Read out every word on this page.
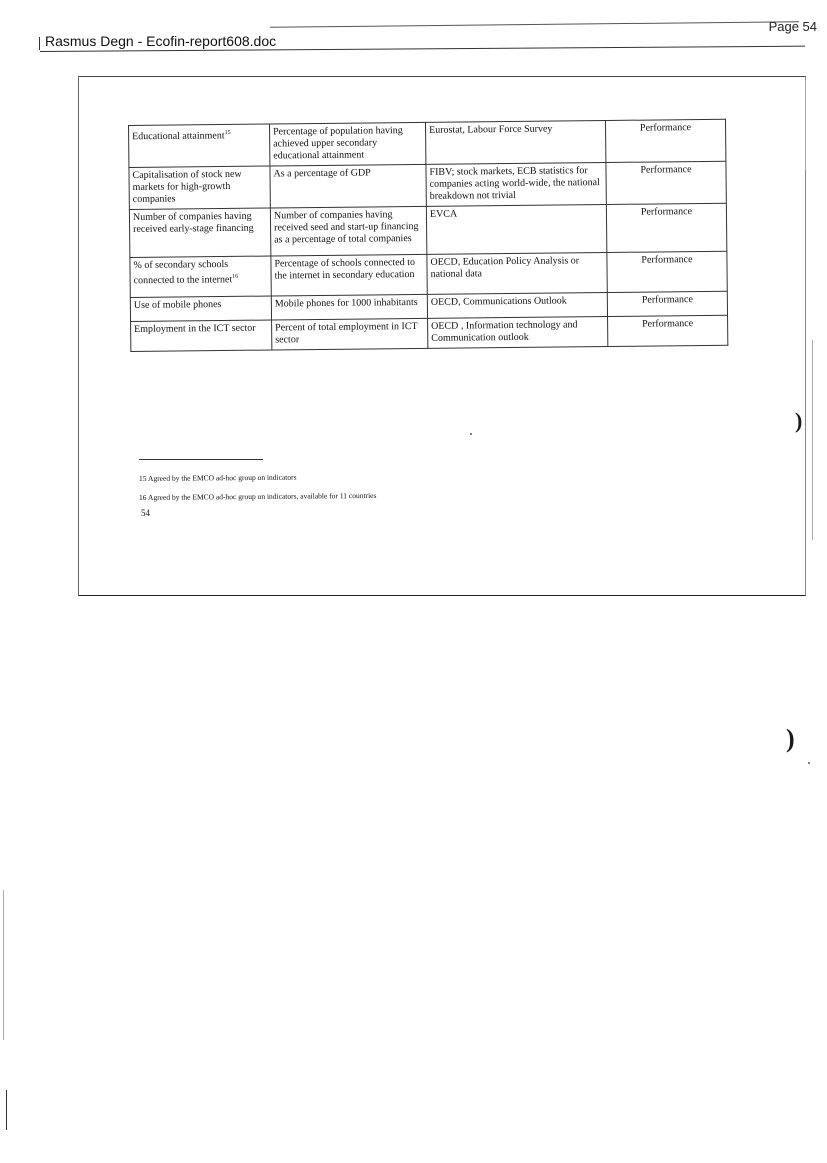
Page 54
Rasmus Degn - Ecofin-report608.doc
Educational attainment$^{15}$	Percentage of population having achieved upper secondary educational attainment	Eurostat, Labour Force Survey	Performance
Capitalisation of stock new markets for high-growth companies	As a percentage of GDP	FIBV; stock markets, ECB statistics for companies acting world-wide, the national breakdown not trivial	Performance
Number of companies having received early-stage financing	Number of companies having received seed and start-up financing as a percentage of total companies	EVCA	Performance
% of secondary schools connected to the internet$^{16}$	Percentage of schools connected to the internet in secondary education	OECD, Education Policy Analysis or national data	Performance
Use of mobile phones	Mobile phones for 1000 inhabitants	OECD, Communications Outlook	Performance
Employment in the ICT sector	Percent of total employment in ICT sector	OECD , Information technology and Communication outlook	Performance
15 Agreed by the EMCO ad-hoc group on indicators
16 Agreed by the EMCO ad-hoc group on indicators, available for 11 countries
54
)
)
